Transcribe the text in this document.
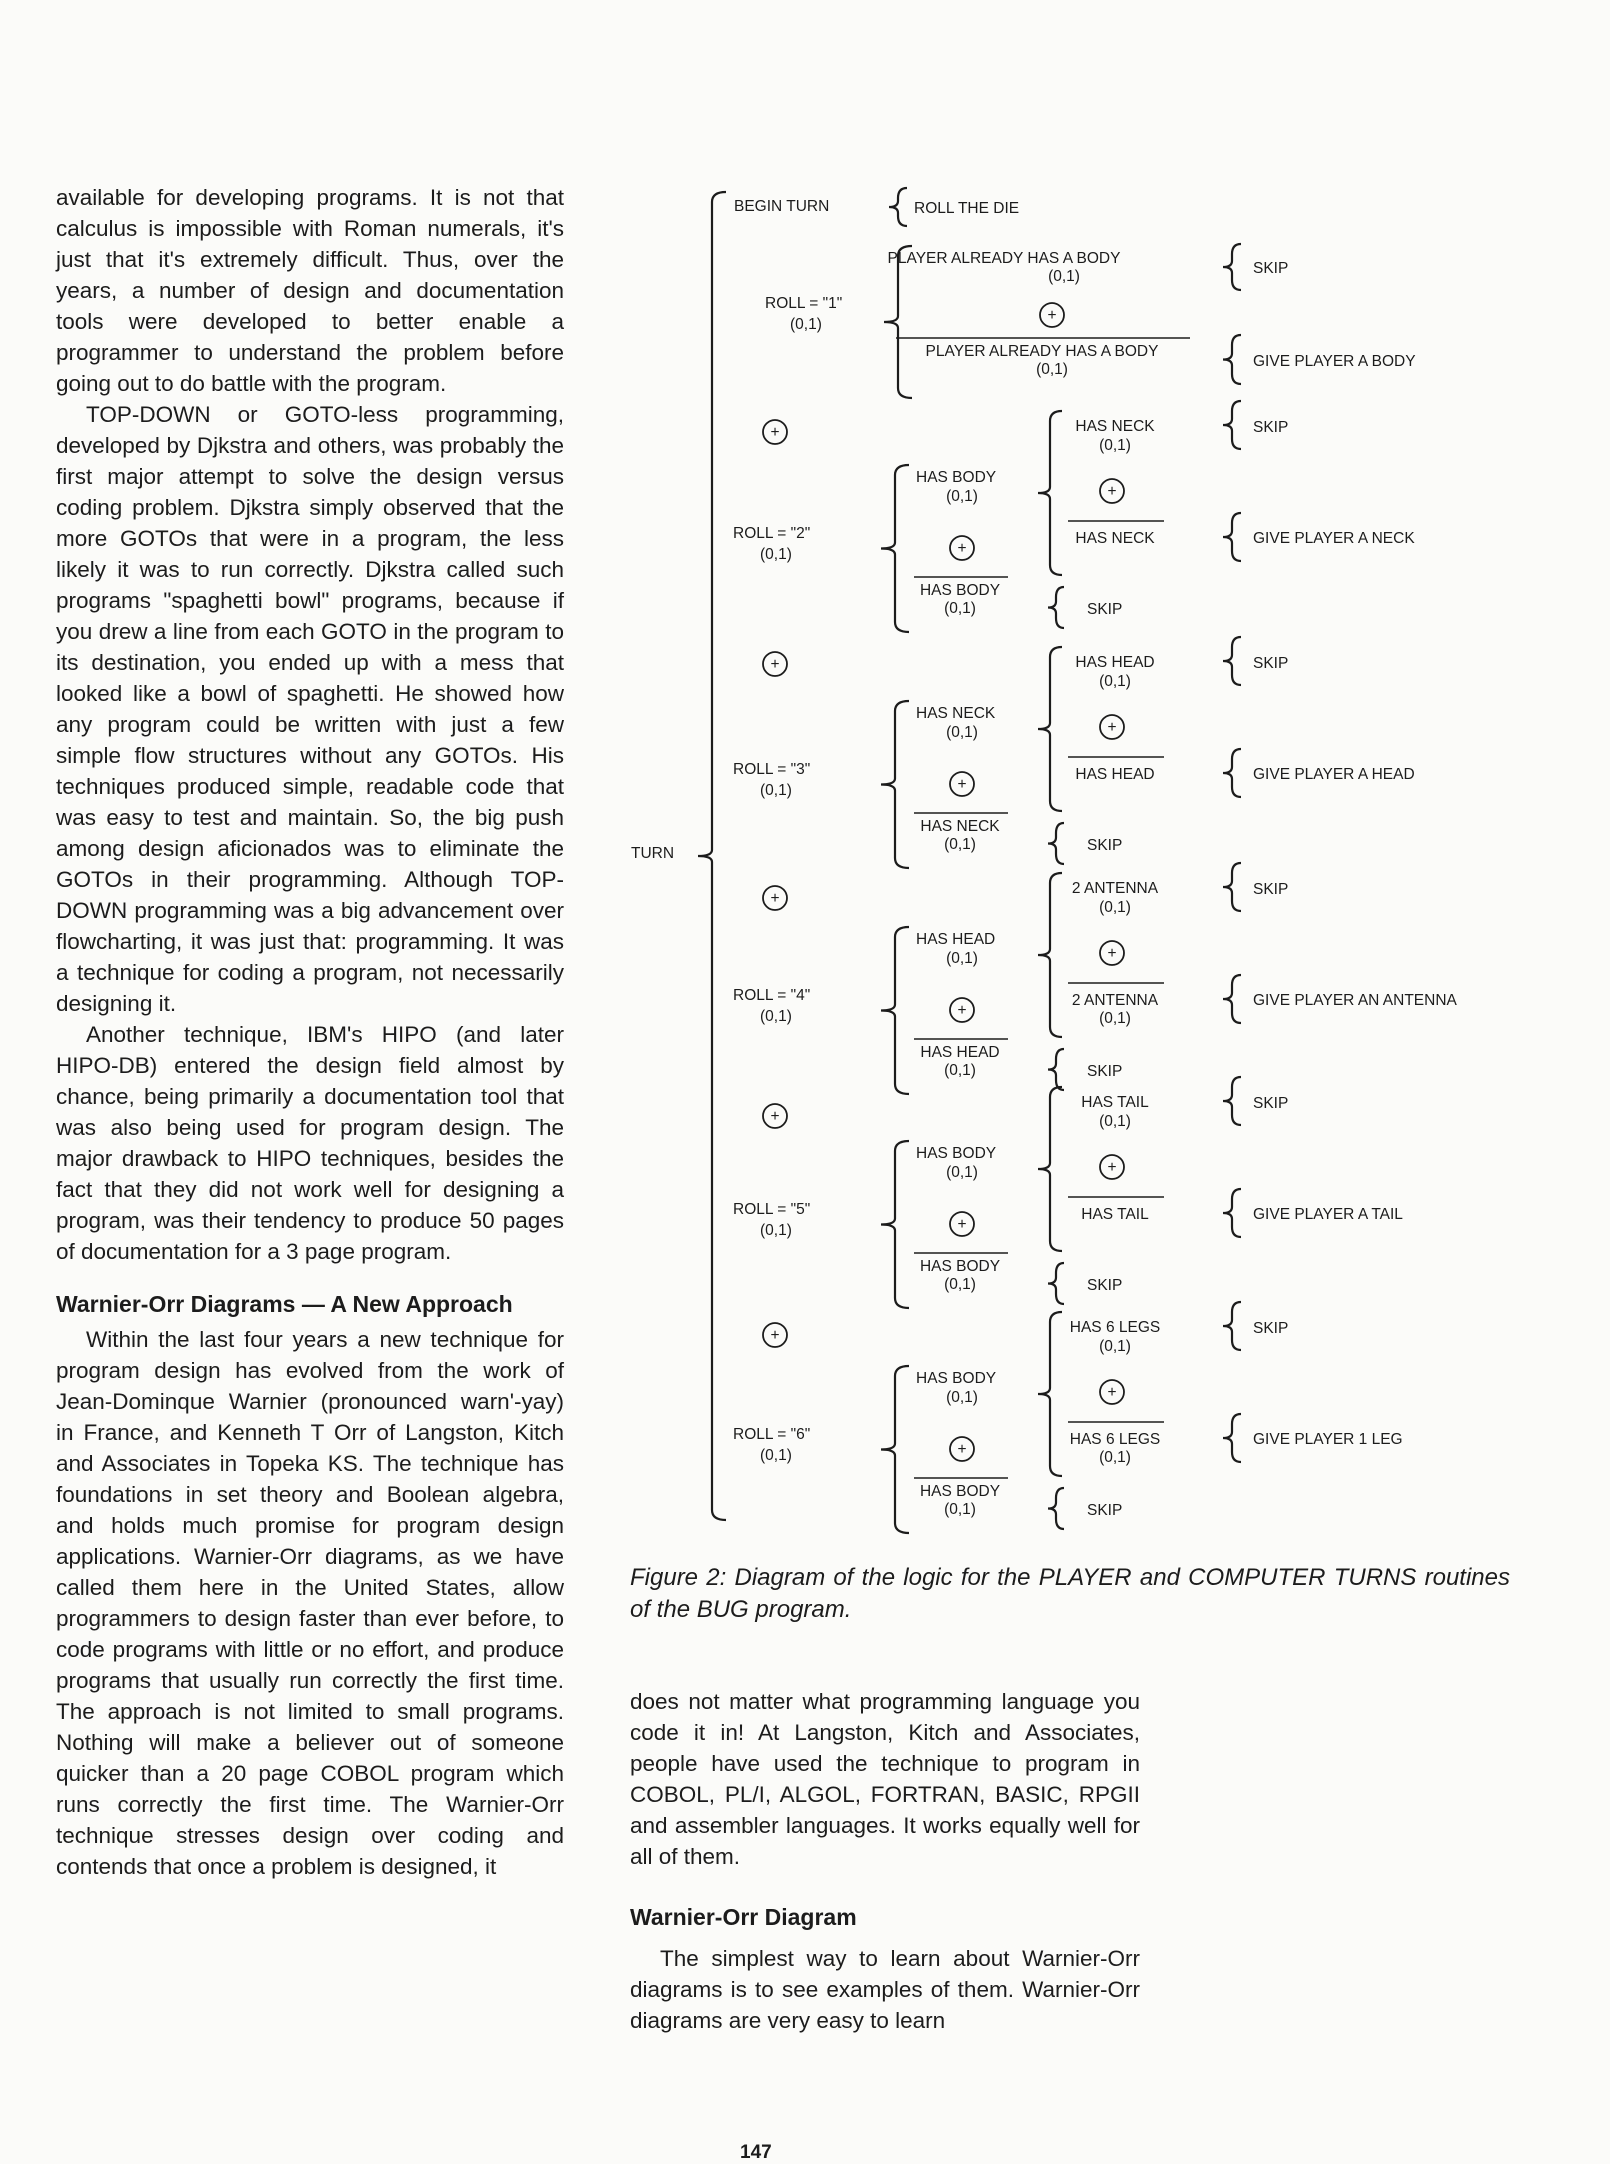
available for developing programs. It is not that calculus is impossible with Roman numerals, it's just that it's extremely difficult. Thus, over the years, a number of design and documentation tools were developed to better enable a programmer to understand the problem before going out to do battle with the program.

TOP-DOWN or GOTO-less programming, developed by Djkstra and others, was probably the first major attempt to solve the design versus coding problem. Djkstra simply observed that the more GOTOs that were in a program, the less likely it was to run correctly. Djkstra called such programs "spaghetti bowl" programs, because if you drew a line from each GOTO in the program to its destination, you ended up with a mess that looked like a bowl of spaghetti. He showed how any program could be written with just a few simple flow structures without any GOTOs. His techniques produced simple, readable code that was easy to test and maintain. So, the big push among design aficionados was to eliminate the GOTOs in their programming. Although TOP-DOWN programming was a big advancement over flowcharting, it was just that: programming. It was a technique for coding a program, not necessarily designing it.

Another technique, IBM's HIPO (and later HIPO-DB) entered the design field almost by chance, being primarily a documentation tool that was also being used for program design. The major drawback to HIPO techniques, besides the fact that they did not work well for designing a program, was their tendency to produce 50 pages of documentation for a 3 page program.

Warnier-Orr Diagrams — A New Approach

Within the last four years a new technique for program design has evolved from the work of Jean-Dominque Warnier (pronounced warn'-yay) in France, and Kenneth T Orr of Langston, Kitch and Associates in Topeka KS. The technique has foundations in set theory and Boolean algebra, and holds much promise for program design applications. Warnier-Orr diagrams, as we have called them here in the United States, allow programmers to design faster than ever before, to code programs with little or no effort, and produce programs that usually run correctly the first time. The approach is not limited to small programs. Nothing will make a believer out of someone quicker than a 20 page COBOL program which runs correctly the first time. The Warnier-Orr technique stresses design over coding and contends that once a problem is designed, it

TURN
BEGIN TURN	ROLL THE DIE
ROLL = "1"
(0,1)
PLAYER ALREADY HAS A BODY
(0,1)
+
PLAYER ALREADY HAS A BODY
(0,1)
SKIP
GIVE PLAYER A BODY
+
ROLL = "2"
(0,1)
HAS BODY
(0,1)
+
HAS BODY
(0,1)	SKIP
HAS NECK
(0,1)
+
HAS NECK
SKIP
GIVE PLAYER A NECK
+
ROLL = "3"
(0,1)
HAS NECK
(0,1)
+
HAS NECK
(0,1)	SKIP
HAS HEAD
(0,1)
+
HAS HEAD
SKIP
GIVE PLAYER A HEAD
+
ROLL = "4"
(0,1)
HAS HEAD
(0,1)
+
HAS HEAD
(0,1)	SKIP
2 ANTENNA
(0,1)
+
2 ANTENNA
(0,1)
SKIP
GIVE PLAYER AN ANTENNA
+
ROLL = "5"
(0,1)
HAS BODY
(0,1)
+
HAS BODY
(0,1)	SKIP
HAS TAIL
(0,1)
+
HAS TAIL
SKIP
GIVE PLAYER A TAIL
+
ROLL = "6"
(0,1)
HAS BODY
(0,1)
+
HAS BODY
(0,1)	SKIP
HAS 6 LEGS
(0,1)
+
HAS 6 LEGS
(0,1)
SKIP
GIVE PLAYER 1 LEG
Figure 2: Diagram of the logic for the PLAYER and COMPUTER TURNS routines of the BUG program.

does not matter what programming language you code it in! At Langston, Kitch and Associates, people have used the technique to program in COBOL, PL/I, ALGOL, FORTRAN, BASIC, RPGII and assembler languages. It works equally well for all of them.

Warnier-Orr Diagram

The simplest way to learn about Warnier-Orr diagrams is to see examples of them. Warnier-Orr diagrams are very easy to learn

147
